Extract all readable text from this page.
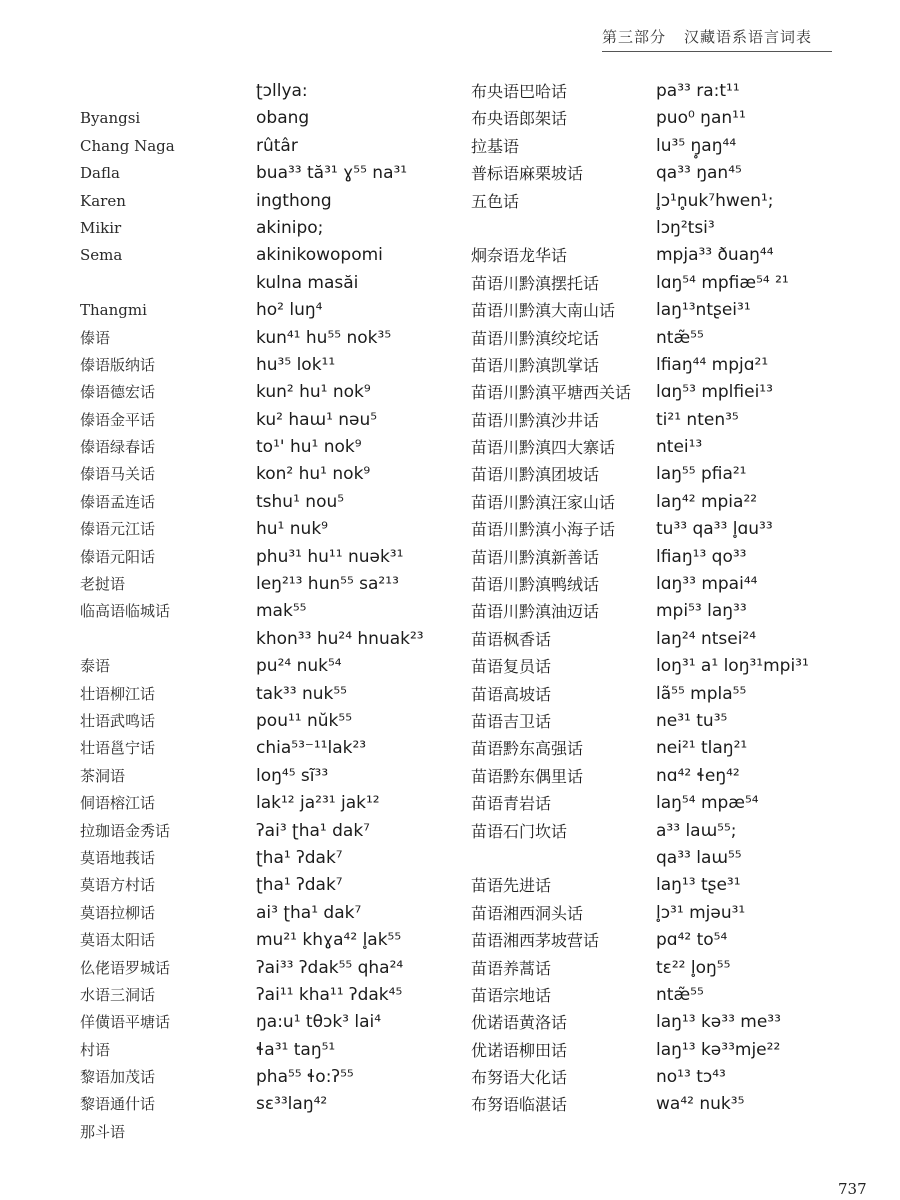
第三部分 汉藏语系语言词表
Byangsi
Chang Naga
Dafla
Karen
Mikir
Sema
Thangmi
傣语
傣语版纳话
傣语德宏话
傣语金平话
傣语绿春话
傣语马关话
傣语孟连话
傣语元江话
傣语元阳话
老挝语
临高语临城话
泰语
壮语柳江话
壮语武鸣话
壮语邕宁话
茶洞语
侗语榕江话
拉珈语金秀话
莫语地莪话
莫语方村话
莫语拉柳话
莫语太阳话
仫佬语罗城话
水语三洞话
佯僙语平塘话
村语
黎语加茂话
黎语通什话
那斗语
ʈɔllya:
obang
rûtâr
bua³³ tă³¹ ɣ⁵⁵ na³¹
ingthong
akinipo;
akinikowopomi
kulna masăi
ho² luŋ⁴
kun⁴¹ hu⁵⁵ nok³⁵
hu³⁵ lok¹¹
kun² hu¹ nok⁹
ku² haɯ¹ nəu⁵
to¹' hu¹ nok⁹
kon² hu¹ nok⁹
tshu¹ nou⁵
hu¹ nuk⁹
phu³¹ hu¹¹ nuək³¹
leŋ²¹³ hun⁵⁵ sa²¹³
mak⁵⁵
khon³³ hu²⁴ hnuak²³
pu²⁴ nuk⁵⁴
tak³³ nuk⁵⁵
pou¹¹ nŭk⁵⁵
chia⁵³⁻¹¹lak²³
loŋ⁴⁵ sĩ³³
lak¹² ja²³¹ jak¹²
ʔai³ ʈha¹ dak⁷
ʈha¹ ʔdak⁷
ʈha¹ ʔdak⁷
ai³ ʈha¹ dak⁷
mu²¹ khɣa⁴² l̥ak⁵⁵
ʔai³³ ʔdak⁵⁵ qha²⁴
ʔai¹¹ kha¹¹ ʔdak⁴⁵
ŋa:u¹ tθɔk³ lai⁴
ɬa³¹ taŋ⁵¹
pha⁵⁵ ɬo:ʔ⁵⁵
sɛ³³laŋ⁴²
布央语巴哈话
布央语郎架话
拉基语
普标语麻栗坡话
五色话
炯奈语龙华话
苗语川黔滇摆托话
苗语川黔滇大南山话
苗语川黔滇绞坨话
苗语川黔滇凯掌话
苗语川黔滇平塘西关话
苗语川黔滇沙井话
苗语川黔滇四大寨话
苗语川黔滇团坡话
苗语川黔滇汪家山话
苗语川黔滇小海子话
苗语川黔滇新善话
苗语川黔滇鸭绒话
苗语川黔滇油迈话
苗语枫香话
苗语复员话
苗语高坡话
苗语吉卫话
苗语黔东高强话
苗语黔东偶里话
苗语青岩话
苗语石门坎话
苗语先进话
苗语湘西洞头话
苗语湘西茅坡营话
苗语养蒿话
苗语宗地话
优诺语黄洛话
优诺语柳田话
布努语大化话
布努语临湛话
pa³³ ra:t¹¹
puo⁰ ŋan¹¹
lu³⁵ ŋ̥aŋ⁴⁴
qa³³ ŋan⁴⁵
l̥ɔ¹n̥uk⁷hwen¹;
lɔŋ²tsi³
mpja³³ ðuaŋ⁴⁴
lɑŋ⁵⁴ mpfiæ⁵⁴ ²¹
laŋ¹³ntʂei³¹
ntæ̃⁵⁵
lfiaŋ⁴⁴ mpjɑ²¹
lɑŋ⁵³ mplfiei¹³
ti²¹ nten³⁵
ntei¹³
laŋ⁵⁵ pfia²¹
laŋ⁴² mpia²²
tu³³ qa³³ l̥ɑu³³
lfiaŋ¹³ qo³³
lɑŋ³³ mpai⁴⁴
mpi⁵³ laŋ³³
laŋ²⁴ ntsei²⁴
loŋ³¹ a¹ loŋ³¹mpi³¹
lã⁵⁵ mpla⁵⁵
ne³¹ tu³⁵
nei²¹ tlaŋ²¹
nɑ⁴² ɬeŋ⁴²
laŋ⁵⁴ mpæ⁵⁴
a³³ laɯ⁵⁵;
qa³³ laɯ⁵⁵
laŋ¹³ tʂe³¹
l̥ɔ³¹ mjəu³¹
pɑ⁴² to⁵⁴
tɛ²² l̥oŋ⁵⁵
ntæ̃⁵⁵
laŋ¹³ kə³³ me³³
laŋ¹³ kə³³mje²²
no¹³ tɔ⁴³
wa⁴² nuk³⁵
737
